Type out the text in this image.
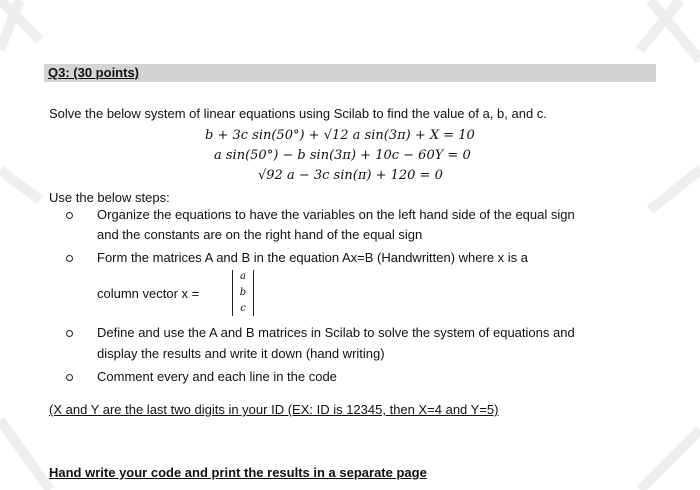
Q3: (30 points)
Solve the below system of linear equations using Scilab to find the value of a, b, and c.
b + 3c sin(50°) + √12 a sin(3π) + X = 10
a sin(50°) − b sin(3π) + 10c − 60Y = 0
√92 a − 3c sin(π) + 120 = 0
Use the below steps:
Organize the equations to have the variables on the left hand side of the equal sign
and the constants are on the right hand of the equal sign
Form the matrices A and B in the equation Ax=B (Handwritten) where x is a
column vector x =
a
b
c
Define and use the A and B matrices in Scilab to solve the system of equations and
display the results and write it down (hand writing)
Comment every and each line in the code
(X and Y are the last two digits in your ID (EX: ID is 12345, then X=4 and Y=5)
Hand write your code and print the results in a separate page
